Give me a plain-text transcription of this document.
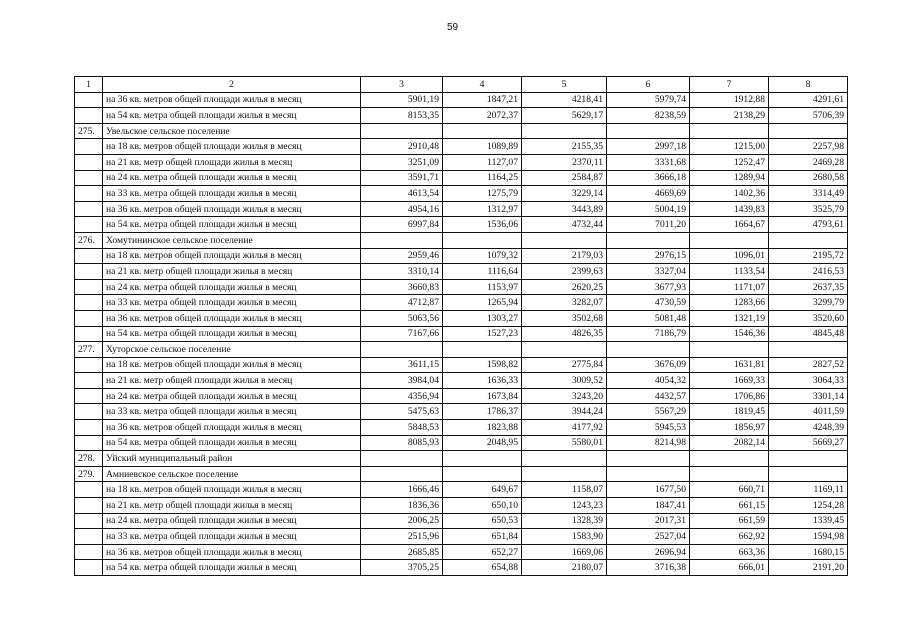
59
1	2	3	4	5	6	7	8
	на 36 кв. метров общей площади жилья в месяц	5901,19	1847,21	4218,41	5979,74	1912,88	4291,61
	на 54 кв. метра общей площади жилья в месяц	8153,35	2072,37	5629,17	8238,59	2138,29	5706,39
275.	Увельское сельское поселение						
	на 18 кв. метров общей площади жилья в месяц	2910,48	1089,89	2155,35	2997,18	1215,00	2257,98
	на 21 кв. метр общей площади жилья в месяц	3251,09	1127,07	2370,11	3331,68	1252,47	2469,28
	на 24 кв. метра общей площади жилья в месяц	3591,71	1164,25	2584,87	3666,18	1289,94	2680,58
	на 33 кв. метра общей площади жилья в месяц	4613,54	1275,79	3229,14	4669,69	1402,36	3314,49
	на 36 кв. метров общей площади жилья в месяц	4954,16	1312,97	3443,89	5004,19	1439,83	3525,79
	на 54 кв. метра общей площади жилья в месяц	6997,84	1536,06	4732,44	7011,20	1664,67	4793,61
276.	Хомутининское сельское поселение						
	на 18 кв. метров общей площади жилья в месяц	2959,46	1079,32	2179,03	2976,15	1096,01	2195,72
	на 21 кв. метр общей площади жилья в месяц	3310,14	1116,64	2399,63	3327,04	1133,54	2416,53
	на 24 кв. метра общей площади жилья в месяц	3660,83	1153,97	2620,25	3677,93	1171,07	2637,35
	на 33 кв. метра общей площади жилья в месяц	4712,87	1265,94	3282,07	4730,59	1283,66	3299,79
	на 36 кв. метров общей площади жилья в месяц	5063,56	1303,27	3502,68	5081,48	1321,19	3520,60
	на 54 кв. метра общей площади жилья в месяц	7167,66	1527,23	4826,35	7186,79	1546,36	4845,48
277.	Хуторское сельское поселение						
	на 18 кв. метров общей площади жилья в месяц	3611,15	1598,82	2775,84	3676,09	1631,81	2827,52
	на 21 кв. метр общей площади жилья в месяц	3984,04	1636,33	3009,52	4054,32	1669,33	3064,33
	на 24 кв. метра общей площади жилья в месяц	4356,94	1673,84	3243,20	4432,57	1706,86	3301,14
	на 33 кв. метра общей площади жилья в месяц	5475,63	1786,37	3944,24	5567,29	1819,45	4011,59
	на 36 кв. метров общей площади жилья в месяц	5848,53	1823,88	4177,92	5945,53	1856,97	4248,39
	на 54 кв. метра общей площади жилья в месяц	8085,93	2048,95	5580,01	8214,98	2082,14	5669,27
278.	Уйский муниципальный район						
279.	Амниевское сельское поселение						
	на 18 кв. метров общей площади жилья в месяц	1666,46	649,67	1158,07	1677,50	660,71	1169,11
	на 21 кв. метр общей площади жилья в месяц	1836,36	650,10	1243,23	1847,41	661,15	1254,28
	на 24 кв. метра общей площади жилья в месяц	2006,25	650,53	1328,39	2017,31	661,59	1339,45
	на 33 кв. метра общей площади жилья в месяц	2515,96	651,84	1583,90	2527,04	662,92	1594,98
	на 36 кв. метров общей площади жилья в месяц	2685,85	652,27	1669,06	2696,94	663,36	1680,15
	на 54 кв. метра общей площади жилья в месяц	3705,25	654,88	2180,07	3716,38	666,01	2191,20
